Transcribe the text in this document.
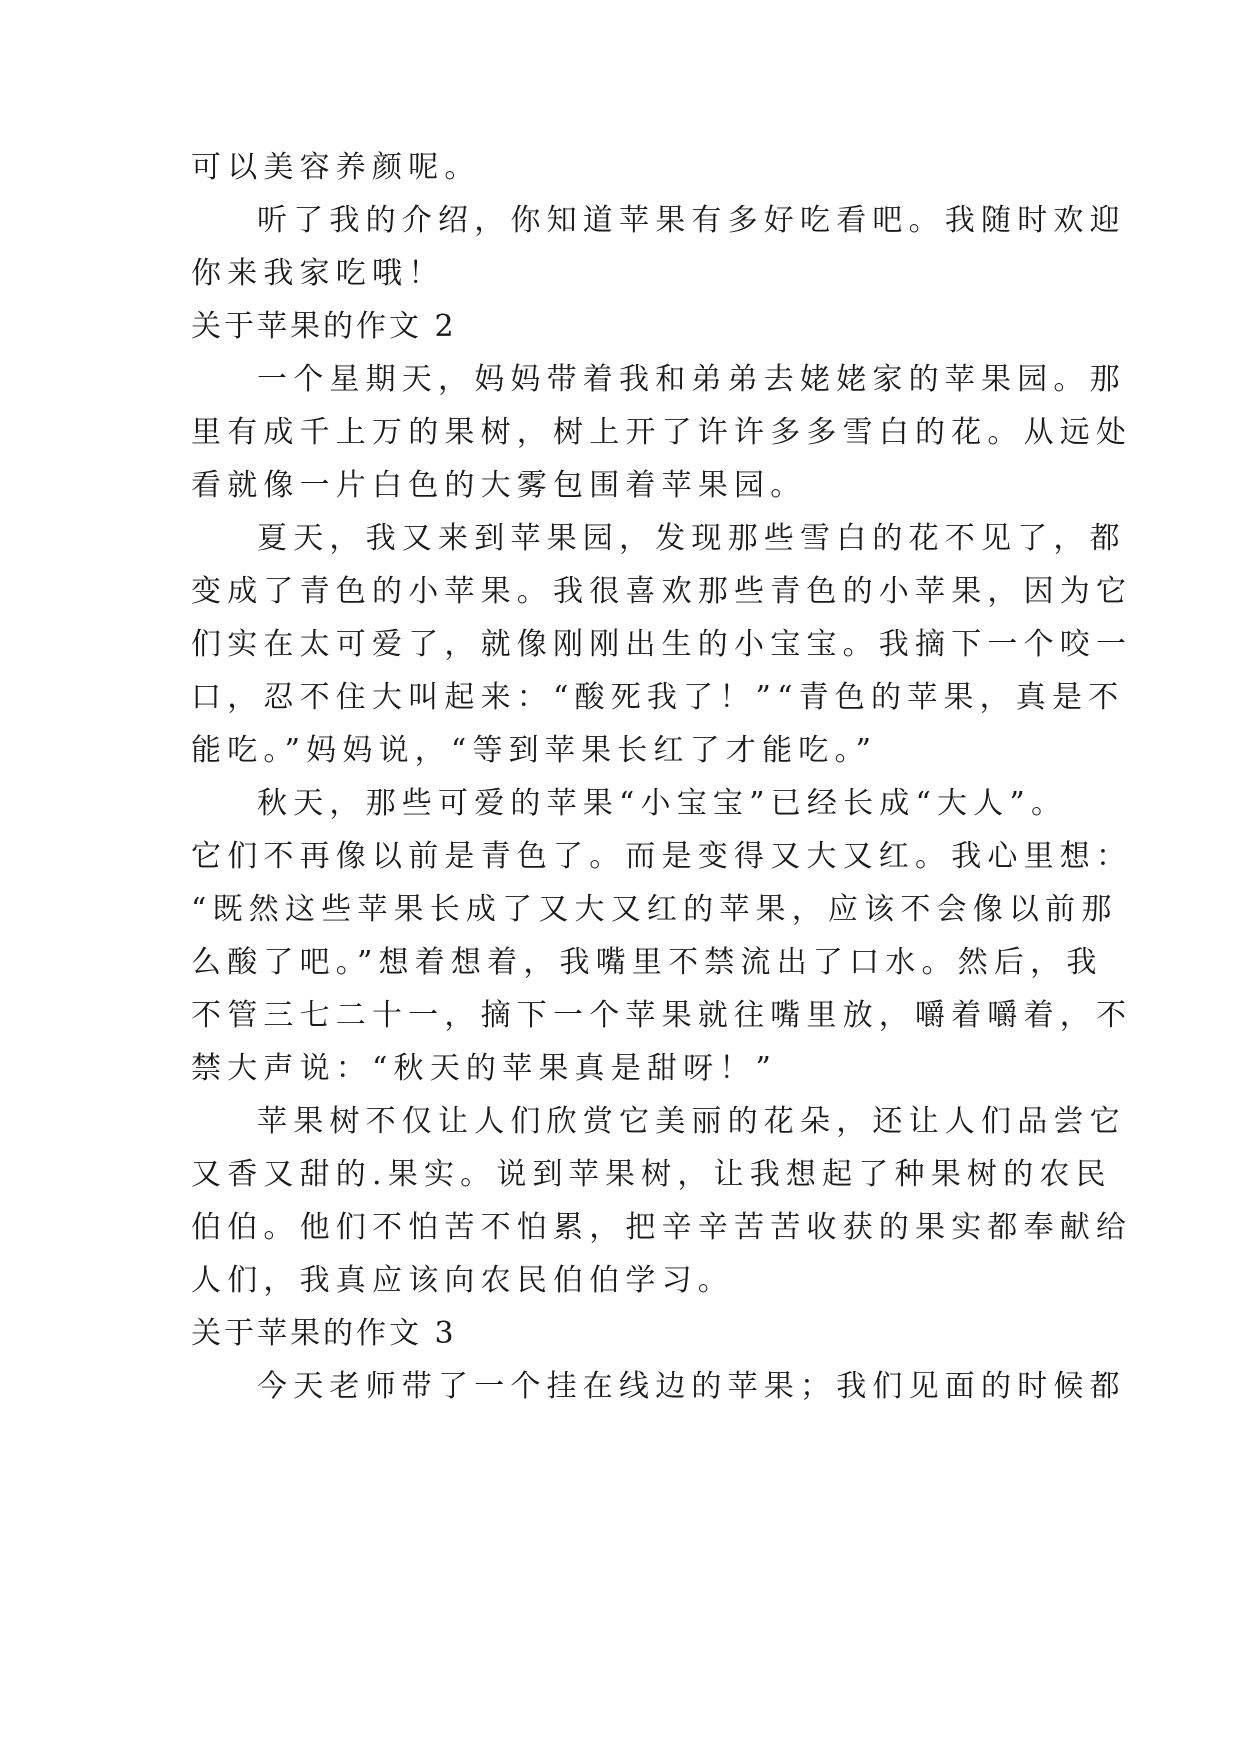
可以美容养颜呢。
听了我的介绍，你知道苹果有多好吃看吧。我随时欢迎
你来我家吃哦！
关于苹果的作文 2
一个星期天，妈妈带着我和弟弟去姥姥家的苹果园。那
里有成千上万的果树，树上开了许许多多雪白的花。从远处
看就像一片白色的大雾包围着苹果园。
夏天，我又来到苹果园，发现那些雪白的花不见了，都
变成了青色的小苹果。我很喜欢那些青色的小苹果，因为它
们实在太可爱了，就像刚刚出生的小宝宝。我摘下一个咬一
口，忍不住大叫起来：“酸死我了！”“青色的苹果，真是不
能吃。”妈妈说，“等到苹果长红了才能吃。”
秋天，那些可爱的苹果“小宝宝”已经长成“大人”。
它们不再像以前是青色了。而是变得又大又红。我心里想：
“既然这些苹果长成了又大又红的苹果，应该不会像以前那
么酸了吧。”想着想着，我嘴里不禁流出了口水。然后，我
不管三七二十一，摘下一个苹果就往嘴里放，嚼着嚼着，不
禁大声说：“秋天的苹果真是甜呀！”
苹果树不仅让人们欣赏它美丽的花朵，还让人们品尝它
又香又甜的.果实。说到苹果树，让我想起了种果树的农民
伯伯。他们不怕苦不怕累，把辛辛苦苦收获的果实都奉献给
人们，我真应该向农民伯伯学习。
关于苹果的作文 3
今天老师带了一个挂在线边的苹果；我们见面的时候都
